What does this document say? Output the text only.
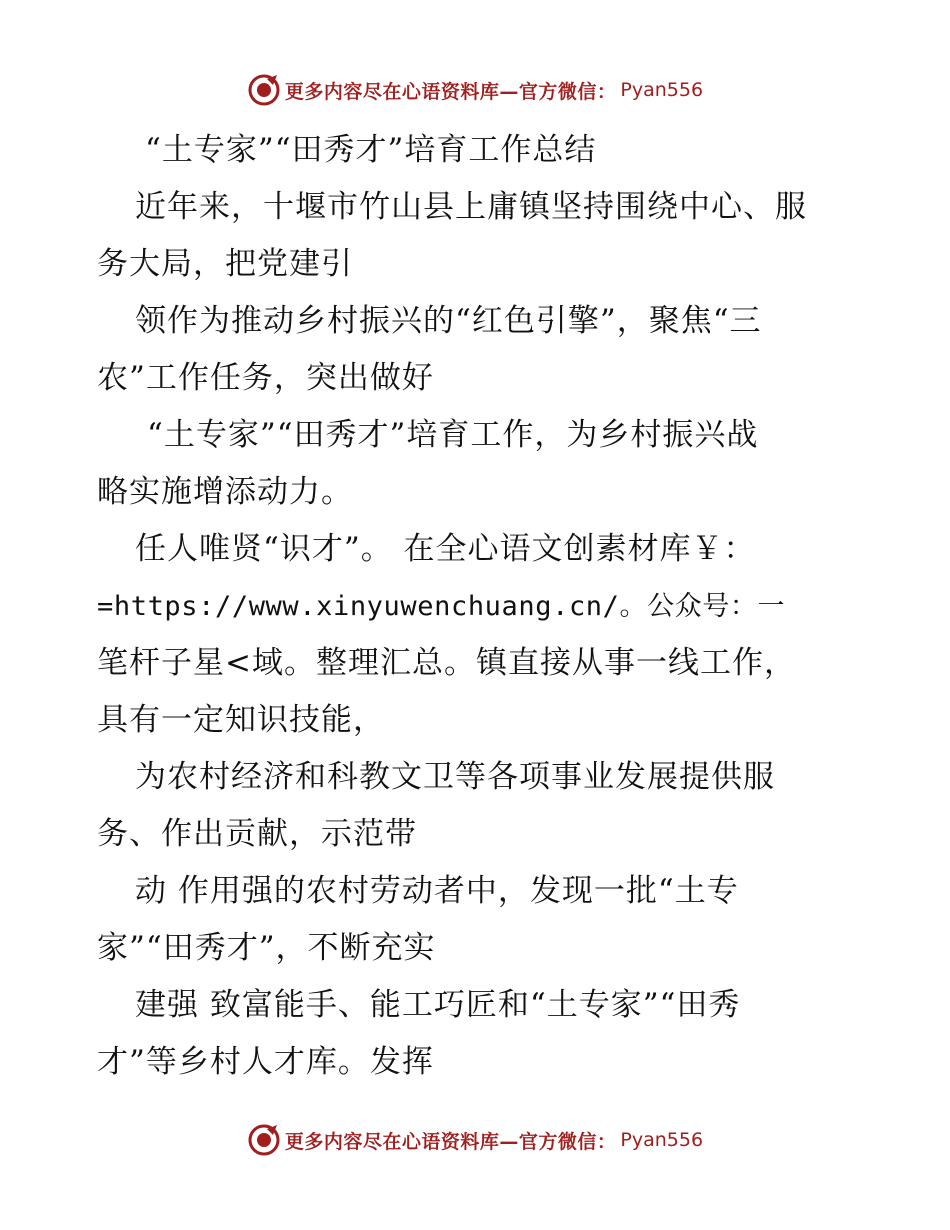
更多内容尽在心语资料库—官方微信： Pyan556
“土专家”“田秀才”培育工作总结
近年来，十堰市竹山县上庸镇坚持围绕中心、服
务大局，把党建引
领作为推动乡村振兴的“红色引擎”，聚焦“三
农”工作任务，突出做好
“土专家”“田秀才”培育工作，为乡村振兴战
略实施增添动力。
任人唯贤“识才”。 在全心语文创素材库￥：
=https://www.xinyuwenchuang.cn/。公众号：一
笔杆子星<域。整理汇总。镇直接从事一线工作，
具有一定知识技能，
为农村经济和科教文卫等各项事业发展提供服
务、作出贡献，示范带
动 作用强的农村劳动者中，发现一批“土专
家”“田秀才”，不断充实
建强 致富能手、能工巧匠和“土专家”“田秀
才”等乡村人才库。发挥
更多内容尽在心语资料库—官方微信： Pyan556
